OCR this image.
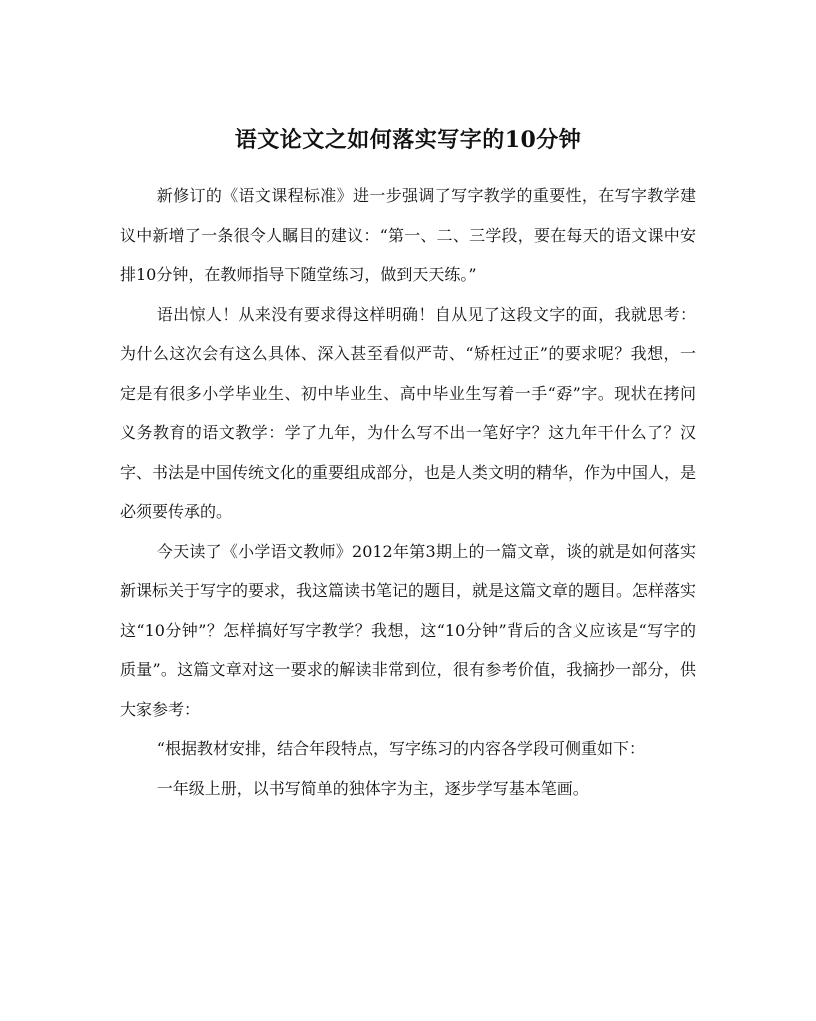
语文论文之如何落实写字的10分钟

新修订的《语文课程标准》进一步强调了写字教学的重要性，在写字教学建议中新增了一条很令人瞩目的建议：“第一、二、三学段，要在每天的语文课中安排10分钟，在教师指导下随堂练习，做到天天练。”

语出惊人！从来没有要求得这样明确！自从见了这段文字的面，我就思考：为什么这次会有这么具体、深入甚至看似严苛、“矫枉过正”的要求呢？我想，一定是有很多小学毕业生、初中毕业生、高中毕业生写着一手“孬”字。现状在拷问义务教育的语文教学：学了九年，为什么写不出一笔好字？这九年干什么了？汉字、书法是中国传统文化的重要组成部分，也是人类文明的精华，作为中国人，是必须要传承的。

今天读了《小学语文教师》2012年第3期上的一篇文章，谈的就是如何落实新课标关于写字的要求，我这篇读书笔记的题目，就是这篇文章的题目。怎样落实这“10分钟”？怎样搞好写字教学？我想，这“10分钟”背后的含义应该是“写字的质量”。这篇文章对这一要求的解读非常到位，很有参考价值，我摘抄一部分，供大家参考：

“根据教材安排，结合年段特点，写字练习的内容各学段可侧重如下：

一年级上册，以书写简单的独体字为主，逐步学写基本笔画。
